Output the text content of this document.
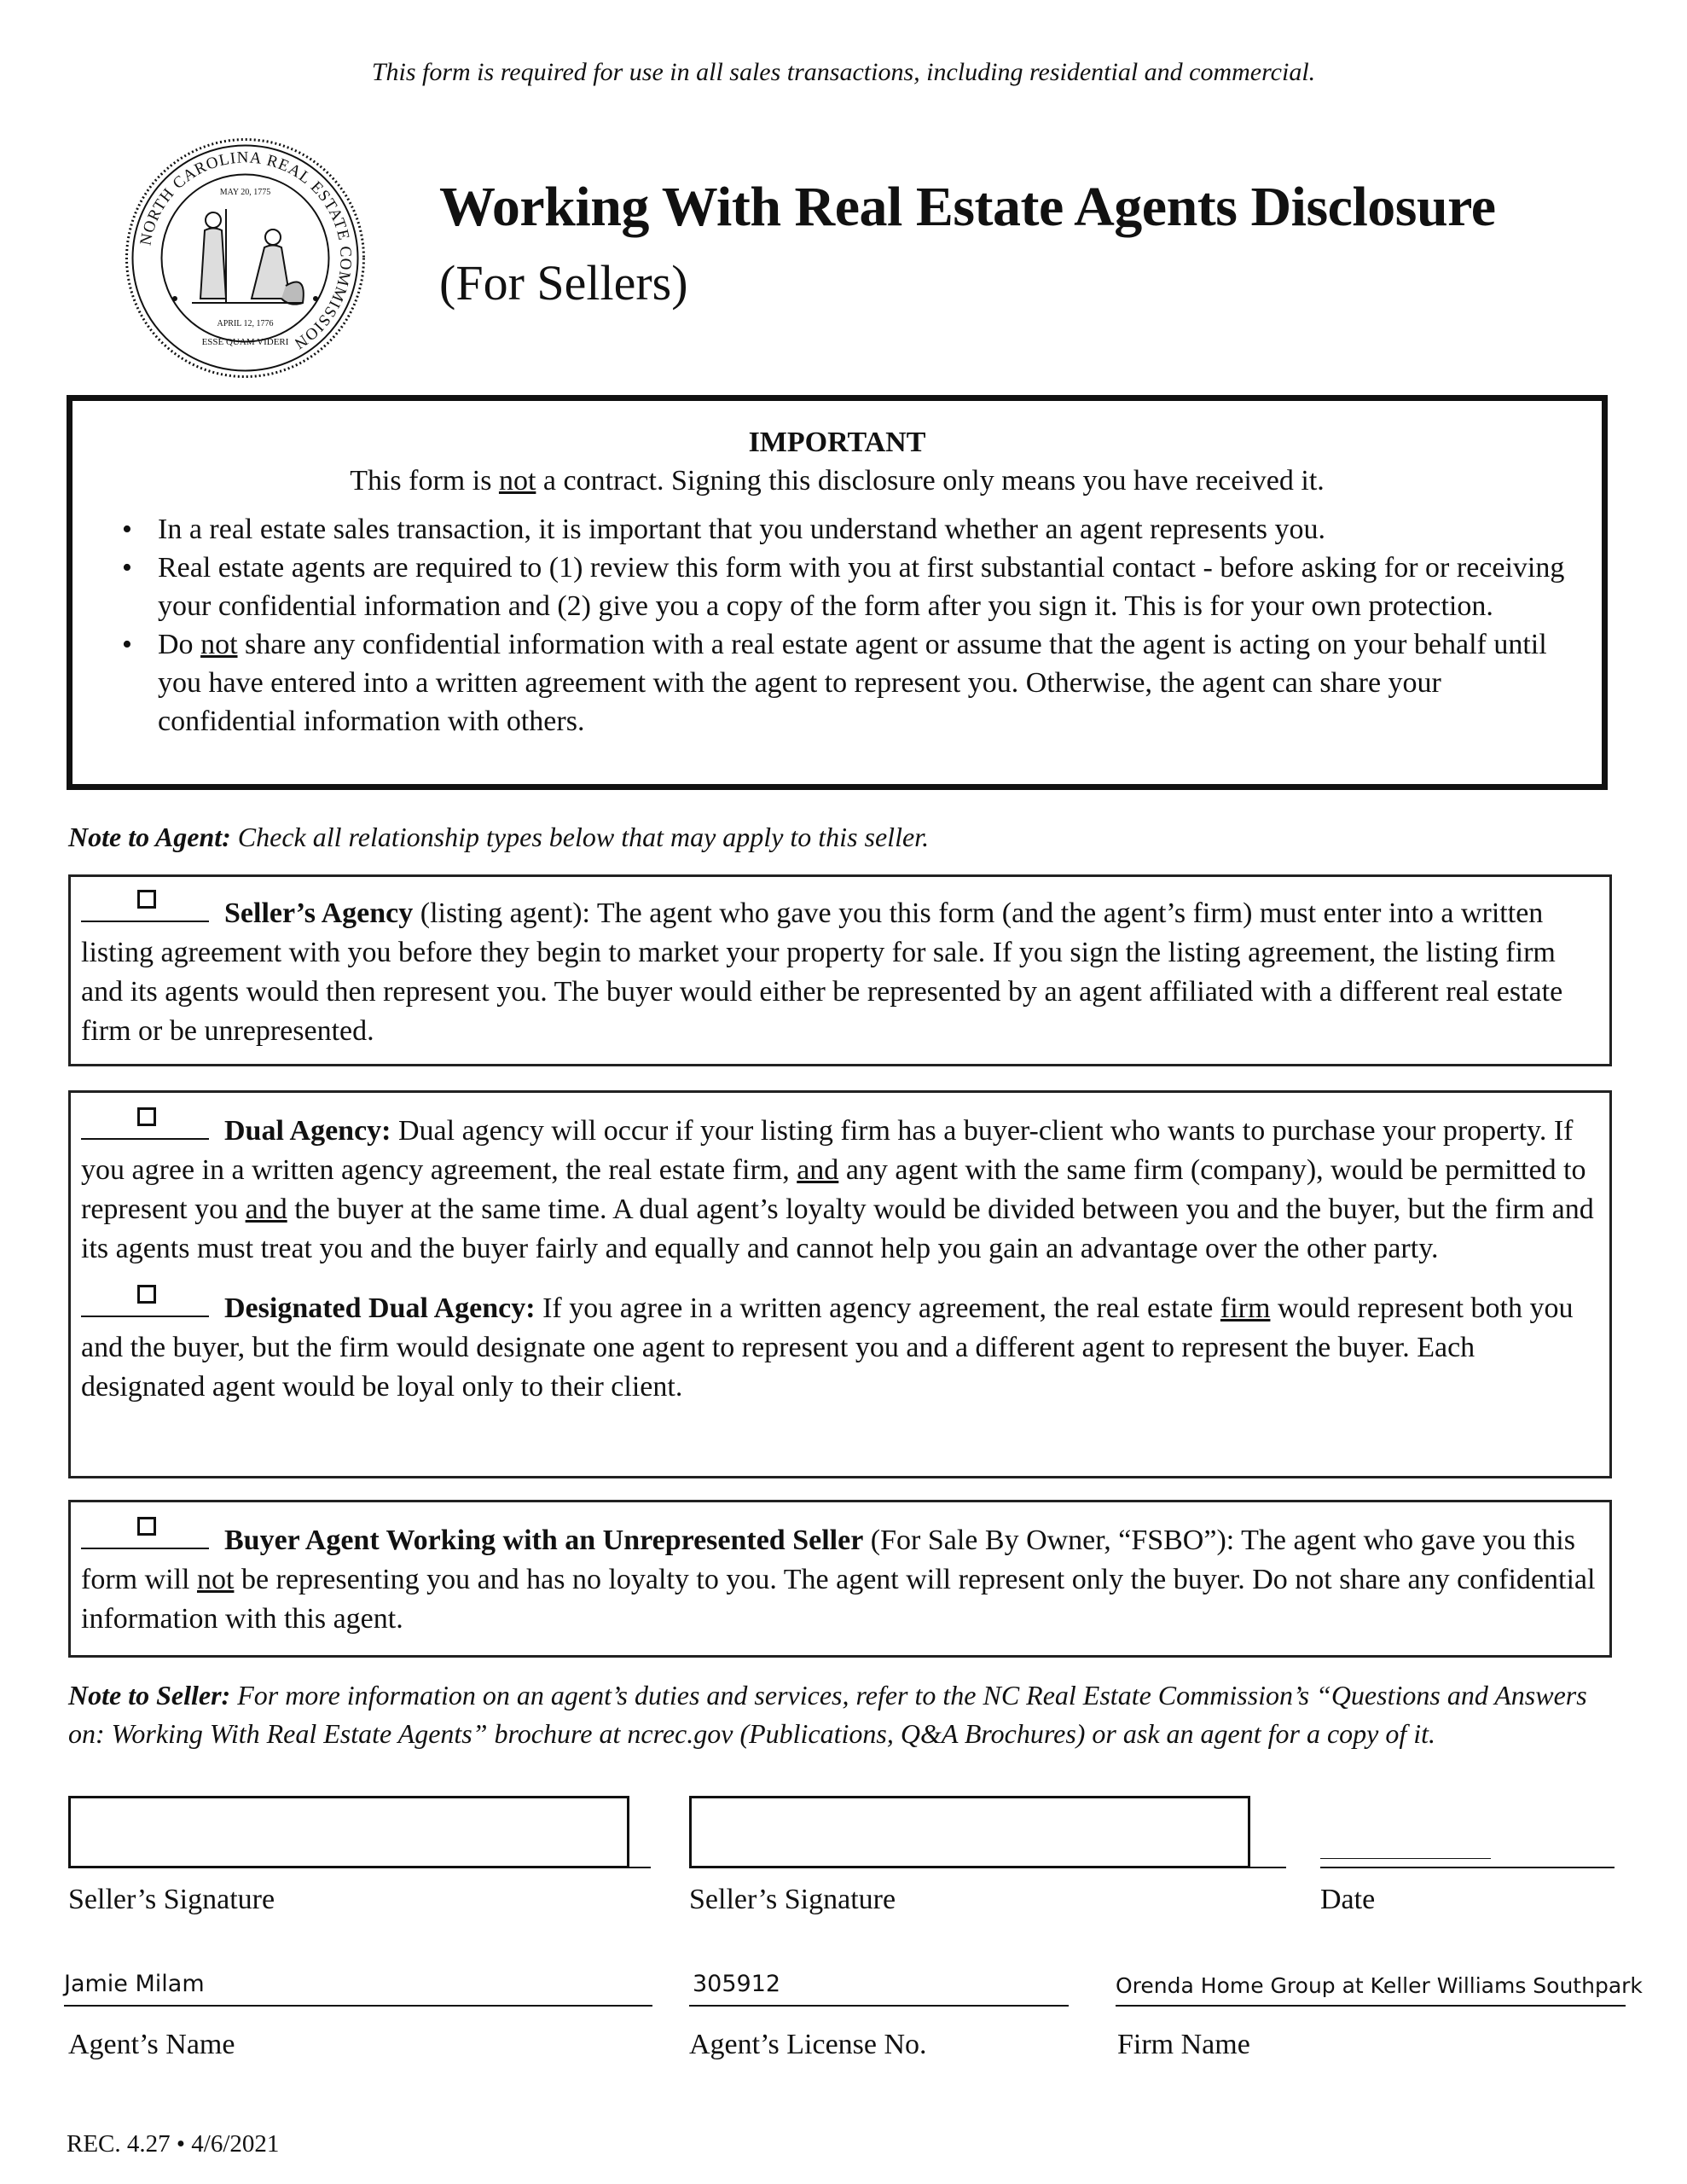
This form is required for use in all sales transactions, including residential and commercial.
NORTH CAROLINA REAL ESTATE COMMISSION
MAY 20, 1775
APRIL 12, 1776
ESSE QUAM VIDERI
Working With Real Estate Agents Disclosure
(For Sellers)
IMPORTANT
This form is not a contract. Signing this disclosure only means you have received it.
• In a real estate sales transaction, it is important that you understand whether an agent represents you.
• Real estate agents are required to (1) review this form with you at first substantial contact - before asking for or receiving your confidential information and (2) give you a copy of the form after you sign it. This is for your own protection.
• Do not share any confidential information with a real estate agent or assume that the agent is acting on your behalf until you have entered into a written agreement with the agent to represent you. Otherwise, the agent can share your confidential information with others.
Note to Agent: Check all relationship types below that may apply to this seller.

Seller’s Agency (listing agent): The agent who gave you this form (and the agent’s firm) must enter into a written listing agreement with you before they begin to market your property for sale. If you sign the listing agreement, the listing firm and its agents would then represent you. The buyer would either be represented by an agent affiliated with a different real estate firm or be unrepresented.

Dual Agency: Dual agency will occur if your listing firm has a buyer-client who wants to purchase your property. If you agree in a written agency agreement, the real estate firm, and any agent with the same firm (company), would be permitted to represent you and the buyer at the same time. A dual agent’s loyalty would be divided between you and the buyer, but the firm and its agents must treat you and the buyer fairly and equally and cannot help you gain an advantage over the other party.

Designated Dual Agency: If you agree in a written agency agreement, the real estate firm would represent both you and the buyer, but the firm would designate one agent to represent you and a different agent to represent the buyer. Each designated agent would be loyal only to their client.

Buyer Agent Working with an Unrepresented Seller (For Sale By Owner, “FSBO”): The agent who gave you this form will not be representing you and has no loyalty to you. The agent will represent only the buyer. Do not share any confidential information with this agent.

Note to Seller: For more information on an agent’s duties and services, refer to the NC Real Estate Commission’s “Questions and Answers on: Working With Real Estate Agents” brochure at ncrec.gov (Publications, Q&A Brochures) or ask an agent for a copy of it.
Seller’s Signature	Seller’s Signature	Date
Jamie Milam
Agent’s Name
305912
Agent’s License No.
Orenda Home Group at Keller Williams Southpark
Firm Name
REC. 4.27 • 4/6/2021
